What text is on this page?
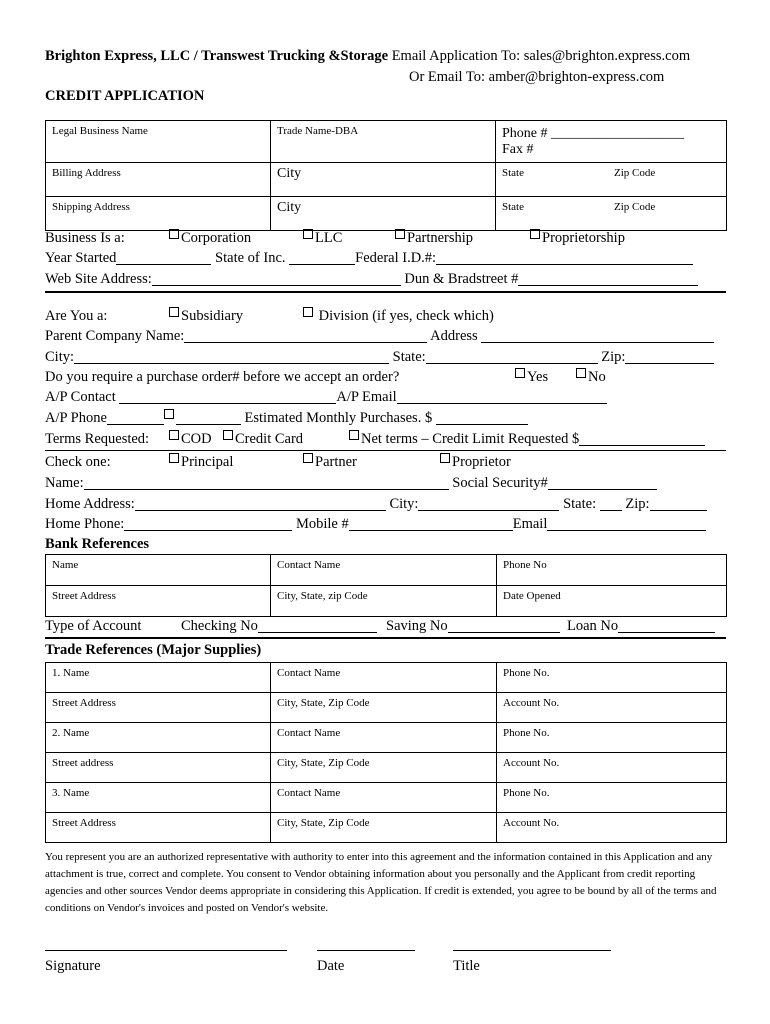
Brighton Express, LLC / Transwest Trucking &Storage Email Application To: sales@brighton.express.com
Or Email To: amber@brighton-express.com
CREDIT APPLICATION
Legal Business Name	Trade Name-DBA	Phone # ___________________
Fax #

Billing Address	City	State Zip Code

Shipping Address	City	State Zip Code
Business Is a:	Corporation	LLC	Partnership	Proprietorship
Year Started	State of Inc.	Federal I.D.#:
Web Site Address:	Dun & Bradstreet #
Are You a:	Subsidiary	Division (if yes, check which)
Parent Company Name:	Address
City:	State:	Zip:
Do you require a purchase order# before we accept an order?	Yes	No
A/P Contact	A/P Email
A/P Phone	Estimated Monthly Purchases. $
Terms Requested:	COD	Credit Card	Net terms – Credit Limit Requested $
Check one:	Principal	Partner	Proprietor
Name:	Social Security#
Home Address:	City:	State: Zip:
Home Phone:	Mobile #	Email
Bank References
Name	Contact Name	Phone No
Street Address	City, State, zip Code	Date Opened
Type of Account	Checking No	Saving No	Loan No
Trade References (Major Supplies)
1. Name	Contact Name	Phone No.
Street Address	City, State, Zip Code	Account No.
2. Name	Contact Name	Phone No.
Street address	City, State, Zip Code	Account No.
3. Name	Contact Name	Phone No.
Street Address	City, State, Zip Code	Account No.
You represent you are an authorized representative with authority to enter into this agreement and the information contained in this Application and any attachment is true, correct and complete. You consent to Vendor obtaining information about you personally and the Applicant from credit reporting agencies and other sources Vendor deems appropriate in considering this Application. If credit is extended, you agree to be bound by all of the terms and conditions on Vendor's invoices and posted on Vendor's website.
Signature	Date	Title
